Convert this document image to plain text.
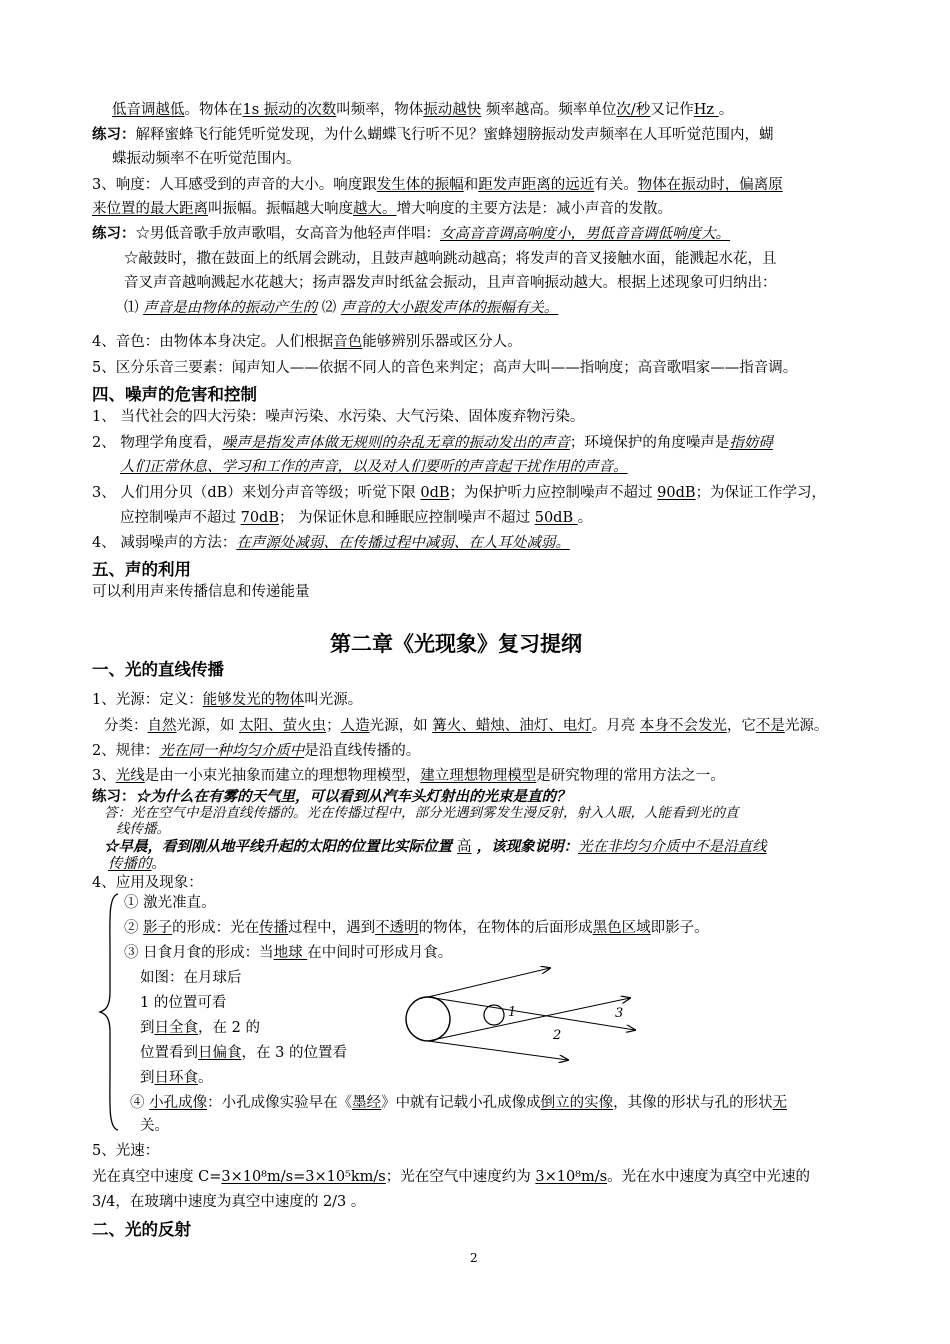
低音调越低。物体在1s 振动的次数叫频率，物体振动越快 频率越高。频率单位次/秒又记作Hz 。
练习：解释蜜蜂飞行能凭听觉发现，为什么蝴蝶飞行听不见？蜜蜂翅膀振动发声频率在人耳听觉范围内，蝴
蝶振动频率不在听觉范围内。
3、响度：人耳感受到的声音的大小。响度跟发生体的振幅和距发声距离的远近有关。物体在振动时，偏离原
来位置的最大距离叫振幅。振幅越大响度越大。增大响度的主要方法是：减小声音的发散。
练习：☆男低音歌手放声歌唱，女高音为他轻声伴唱：女高音音调高响度小，男低音音调低响度大。
☆敲鼓时，撒在鼓面上的纸屑会跳动，且鼓声越响跳动越高；将发声的音叉接触水面，能溅起水花，且
音叉声音越响溅起水花越大；扬声器发声时纸盆会振动，且声音响振动越大。根据上述现象可归纳出：
⑴ 声音是由物体的振动产生的 ⑵ 声音的大小跟发声体的振幅有关。
4、音色：由物体本身决定。人们根据音色能够辨别乐器或区分人。
5、区分乐音三要素：闻声知人——依据不同人的音色来判定；高声大叫——指响度；高音歌唱家——指音调。
四、噪声的危害和控制
1、 当代社会的四大污染：噪声污染、水污染、大气污染、固体废弃物污染。
2、 物理学角度看，噪声是指发声体做无规则的杂乱无章的振动发出的声音；环境保护的角度噪声是指妨碍
人们正常休息、学习和工作的声音，以及对人们要听的声音起干扰作用的声音。
3、 人们用分贝（dB）来划分声音等级；听觉下限 0dB；为保护听力应控制噪声不超过 90dB；为保证工作学习，
应控制噪声不超过 70dB； 为保证休息和睡眠应控制噪声不超过 50dB 。
4、 减弱噪声的方法：在声源处减弱、在传播过程中减弱、在人耳处减弱。
五、声的利用
可以利用声来传播信息和传递能量
第二章《光现象》复习提纲
一、光的直线传播
1、光源：定义：能够发光的物体叫光源。
分类：自然光源，如 太阳、萤火虫；人造光源，如 篝火、蜡烛、油灯、电灯。月亮 本身不会发光，它不是光源。
2、规律：光在同一种均匀介质中是沿直线传播的。
3、光线是由一小束光抽象而建立的理想物理模型，建立理想物理模型是研究物理的常用方法之一。
练习：☆为什么在有雾的天气里，可以看到从汽车头灯射出的光束是直的？
答：光在空气中是沿直线传播的。光在传播过程中，部分光遇到雾发生漫反射，射入人眼，人能看到光的直
线传播。
☆早晨，看到刚从地平线升起的太阳的位置比实际位置 高 ，该现象说明：光在非均匀介质中不是沿直线
传播的。
4、应用及现象：
① 激光准直。
② 影子的形成：光在传播过程中，遇到不透明的物体，在物体的后面形成黑色区域即影子。
③ 日食月食的形成：当地球 在中间时可形成月食。
如图：在月球后
1 的位置可看
到日全食，在 2 的
位置看到日偏食，在 3 的位置看
到日环食。
1
2
3
④ 小孔成像：小孔成像实验早在《墨经》中就有记载小孔成像成倒立的实像，其像的形状与孔的形状无
关。
5、光速：
光在真空中速度 C=3×10⁸m/s=3×10⁵km/s；光在空气中速度约为 3×10⁸m/s。光在水中速度为真空中光速的
3/4，在玻璃中速度为真空中速度的 2/3 。
二、光的反射
2
